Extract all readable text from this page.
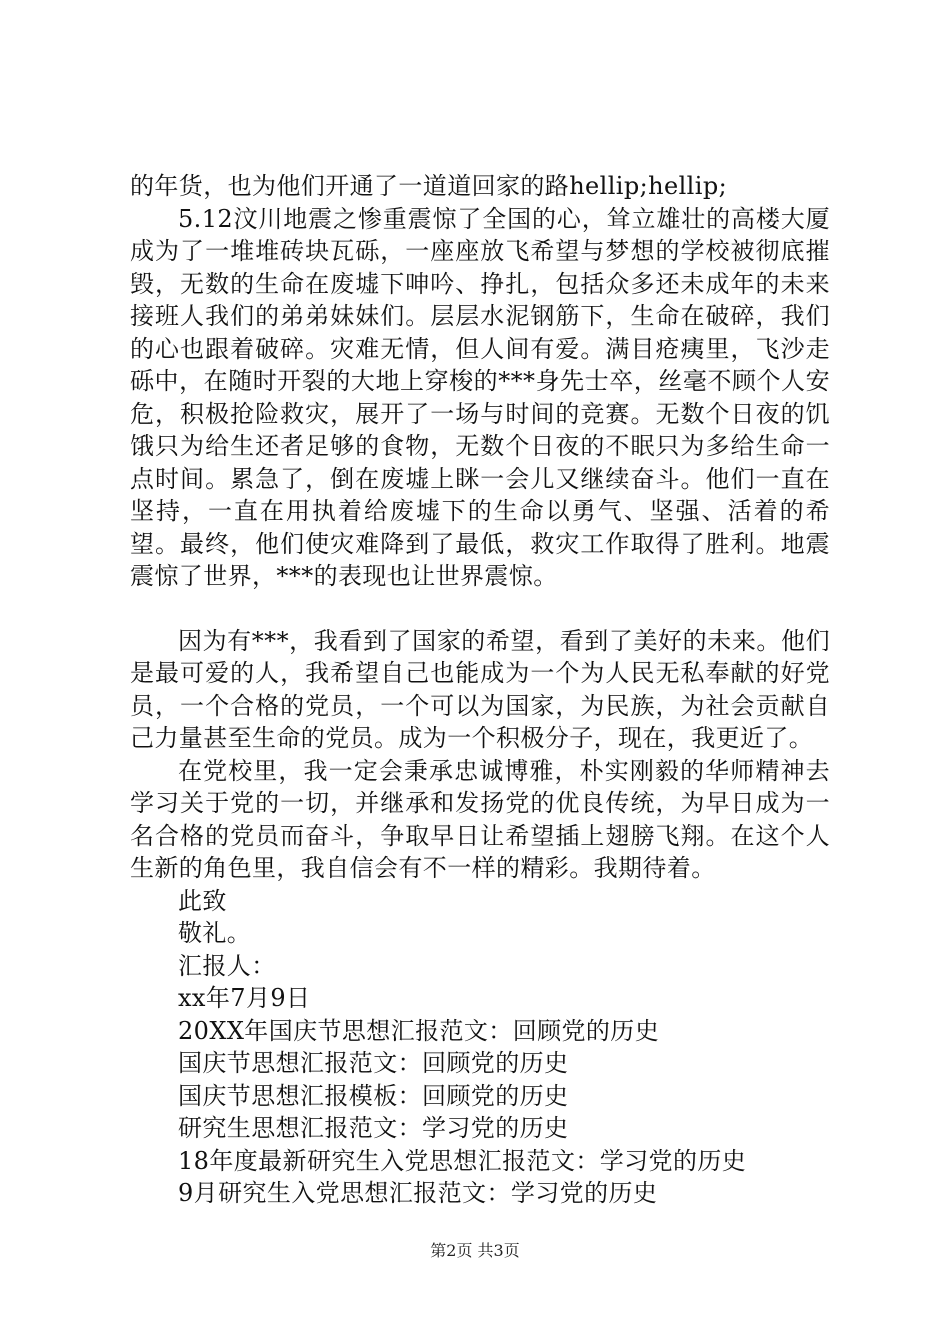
的年货，也为他们开通了一道道回家的路hellip;hellip;

5.12汶川地震之惨重震惊了全国的心，耸立雄壮的高楼大厦成为了一堆堆砖块瓦砾，一座座放飞希望与梦想的学校被彻底摧毁，无数的生命在废墟下呻吟、挣扎，包括众多还未成年的未来接班人我们的弟弟妹妹们。层层水泥钢筋下，生命在破碎，我们的心也跟着破碎。灾难无情，但人间有爱。满目疮痍里，飞沙走砾中，在随时开裂的大地上穿梭的***身先士卒，丝毫不顾个人安危，积极抢险救灾，展开了一场与时间的竞赛。无数个日夜的饥饿只为给生还者足够的食物，无数个日夜的不眠只为多给生命一点时间。累急了，倒在废墟上眯一会儿又继续奋斗。他们一直在坚持，一直在用执着给废墟下的生命以勇气、坚强、活着的希望。最终，他们使灾难降到了最低，救灾工作取得了胜利。地震震惊了世界，***的表现也让世界震惊。

因为有***，我看到了国家的希望，看到了美好的未来。他们是最可爱的人，我希望自己也能成为一个为人民无私奉献的好党员，一个合格的党员，一个可以为国家，为民族，为社会贡献自己力量甚至生命的党员。成为一个积极分子，现在，我更近了。

在党校里，我一定会秉承忠诚博雅，朴实刚毅的华师精神去学习关于党的一切，并继承和发扬党的优良传统，为早日成为一名合格的党员而奋斗，争取早日让希望插上翅膀飞翔。在这个人生新的角色里，我自信会有不一样的精彩。我期待着。

此致

敬礼。

汇报人：

xx年7月9日

20XX年国庆节思想汇报范文：回顾党的历史

国庆节思想汇报范文：回顾党的历史

国庆节思想汇报模板：回顾党的历史

研究生思想汇报范文：学习党的历史

18年度最新研究生入党思想汇报范文：学习党的历史

9月研究生入党思想汇报范文：学习党的历史

第2页 共3页
